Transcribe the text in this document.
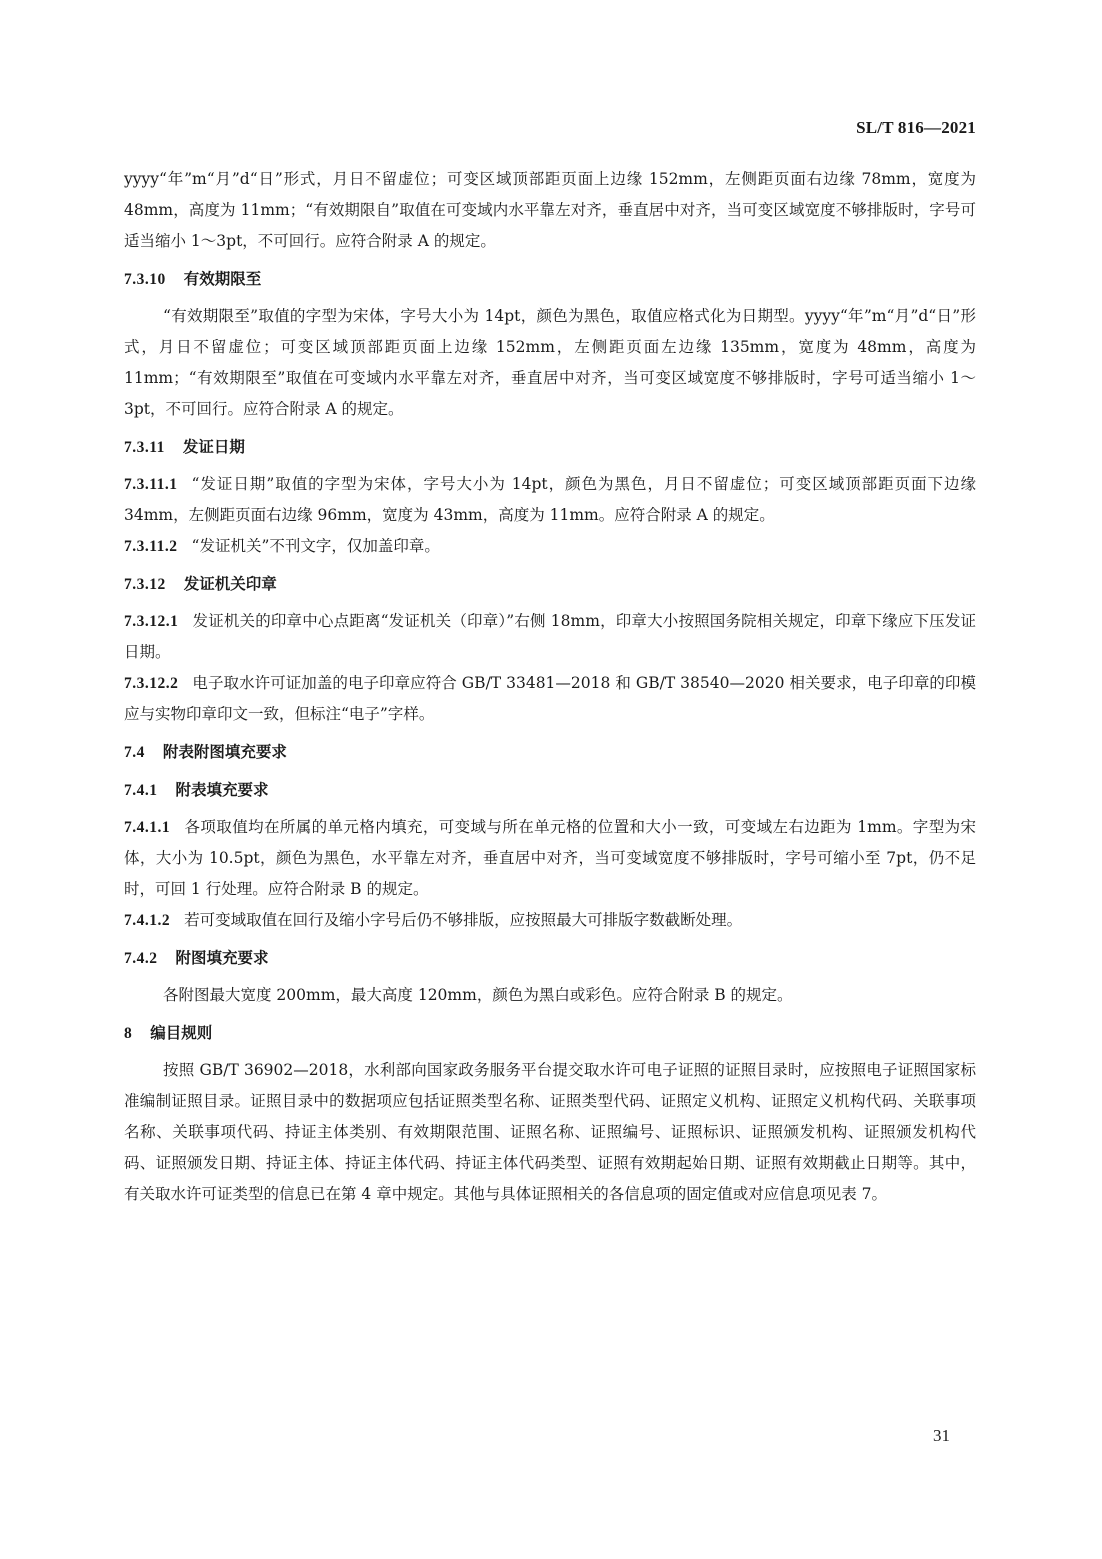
SL/T 816—2021

yyyy“年”m“月”d“日”形式，月日不留虚位；可变区域顶部距页面上边缘 152mm，左侧距页面右边缘 78mm，宽度为 48mm，高度为 11mm；“有效期限自”取值在可变域内水平靠左对齐，垂直居中对齐，当可变区域宽度不够排版时，字号可适当缩小 1～3pt，不可回行。应符合附录 A 的规定。

7.3.10 有效期限至

“有效期限至”取值的字型为宋体，字号大小为 14pt，颜色为黑色，取值应格式化为日期型。yyyy“年”m“月”d“日”形式，月日不留虚位；可变区域顶部距页面上边缘 152mm，左侧距页面左边缘 135mm，宽度为 48mm，高度为 11mm；“有效期限至”取值在可变域内水平靠左对齐，垂直居中对齐，当可变区域宽度不够排版时，字号可适当缩小 1～3pt，不可回行。应符合附录 A 的规定。

7.3.11 发证日期

7.3.11.1 “发证日期”取值的字型为宋体，字号大小为 14pt，颜色为黑色，月日不留虚位；可变区域顶部距页面下边缘 34mm，左侧距页面右边缘 96mm，宽度为 43mm，高度为 11mm。应符合附录 A 的规定。

7.3.11.2 “发证机关”不刊文字，仅加盖印章。

7.3.12 发证机关印章

7.3.12.1 发证机关的印章中心点距离“发证机关（印章）”右侧 18mm，印章大小按照国务院相关规定，印章下缘应下压发证日期。

7.3.12.2 电子取水许可证加盖的电子印章应符合 GB/T 33481—2018 和 GB/T 38540—2020 相关要求，电子印章的印模应与实物印章印文一致，但标注“电子”字样。

7.4 附表附图填充要求
7.4.1 附表填充要求

7.4.1.1 各项取值均在所属的单元格内填充，可变域与所在单元格的位置和大小一致，可变域左右边距为 1mm。字型为宋体，大小为 10.5pt，颜色为黑色，水平靠左对齐，垂直居中对齐，当可变域宽度不够排版时，字号可缩小至 7pt，仍不足时，可回 1 行处理。应符合附录 B 的规定。

7.4.1.2 若可变域取值在回行及缩小字号后仍不够排版，应按照最大可排版字数截断处理。

7.4.2 附图填充要求

各附图最大宽度 200mm，最大高度 120mm，颜色为黑白或彩色。应符合附录 B 的规定。

8 编目规则

按照 GB/T 36902—2018，水利部向国家政务服务平台提交取水许可电子证照的证照目录时，应按照电子证照国家标准编制证照目录。证照目录中的数据项应包括证照类型名称、证照类型代码、证照定义机构、证照定义机构代码、关联事项名称、关联事项代码、持证主体类别、有效期限范围、证照名称、证照编号、证照标识、证照颁发机构、证照颁发机构代码、证照颁发日期、持证主体、持证主体代码、持证主体代码类型、证照有效期起始日期、证照有效期截止日期等。其中，有关取水许可证类型的信息已在第 4 章中规定。其他与具体证照相关的各信息项的固定值或对应信息项见表 7。

31
